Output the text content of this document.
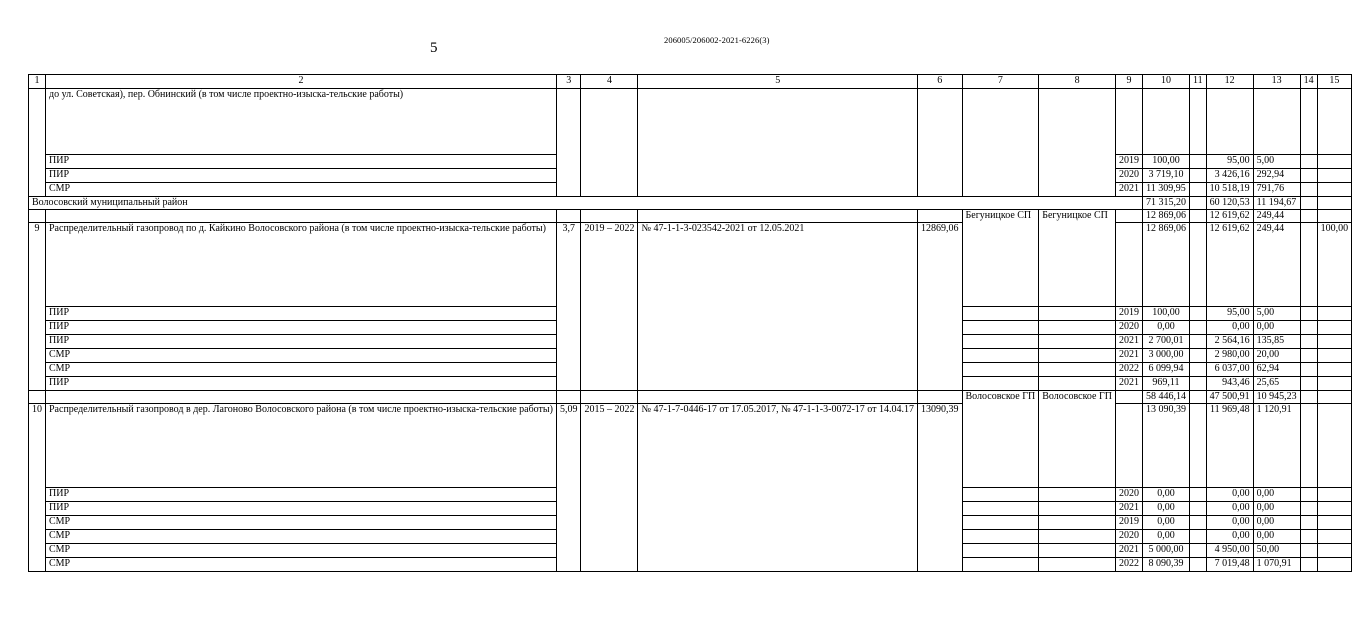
5	206005/206002-2021-6226(3)
1	2	3	4	5	6	7	8	9	10	11	12	13	14	15
	до ул. Советская), пер. Обнинский (в том числе проектно-изыска-тельские работы)													
	ПИР							2019	100,00		95,00	5,00		
	ПИР							2020	3 719,10		3 426,16	292,94		
	СМР							2021	11 309,95		10 518,19	791,76		
Волосовский муниципальный район									71 315,20		60 120,53	11 194,67		
						Бегуницкое СП	Бегуницкое СП		12 869,06		12 619,62	249,44		
9	Распределительный газопровод по д. Кайкино Волосовского района (в том числе проектно-изыска-тельские работы)	3,7	2019 – 2022	№ 47-1-1-3-023542-2021 от 12.05.2021	12869,06				12 869,06		12 619,62	249,44		100,00
	ПИР							2019	100,00		95,00	5,00		
	ПИР							2020	0,00		0,00	0,00		
	ПИР							2021	2 700,01		2 564,16	135,85		
	СМР							2021	3 000,00		2 980,00	20,00		
	СМР							2022	6 099,94		6 037,00	62,94		
	ПИР							2021	969,11		943,46	25,65		
						Волосовское ГП	Волосовское ГП		58 446,14		47 500,91	10 945,23		
10	Распределительный газопровод в дер. Лагоново Волосовского района (в том числе проектно-изыска-тельские работы)	5,09	2015 – 2022	№ 47-1-7-0446-17 от 17.05.2017, № 47-1-1-3-0072-17 от 14.04.17	13090,39				13 090,39		11 969,48	1 120,91		
	ПИР							2020	0,00		0,00	0,00		
	ПИР							2021	0,00		0,00	0,00		
	СМР							2019	0,00		0,00	0,00		
	СМР							2020	0,00		0,00	0,00		
	СМР							2021	5 000,00		4 950,00	50,00		
	СМР							2022	8 090,39		7 019,48	1 070,91		
